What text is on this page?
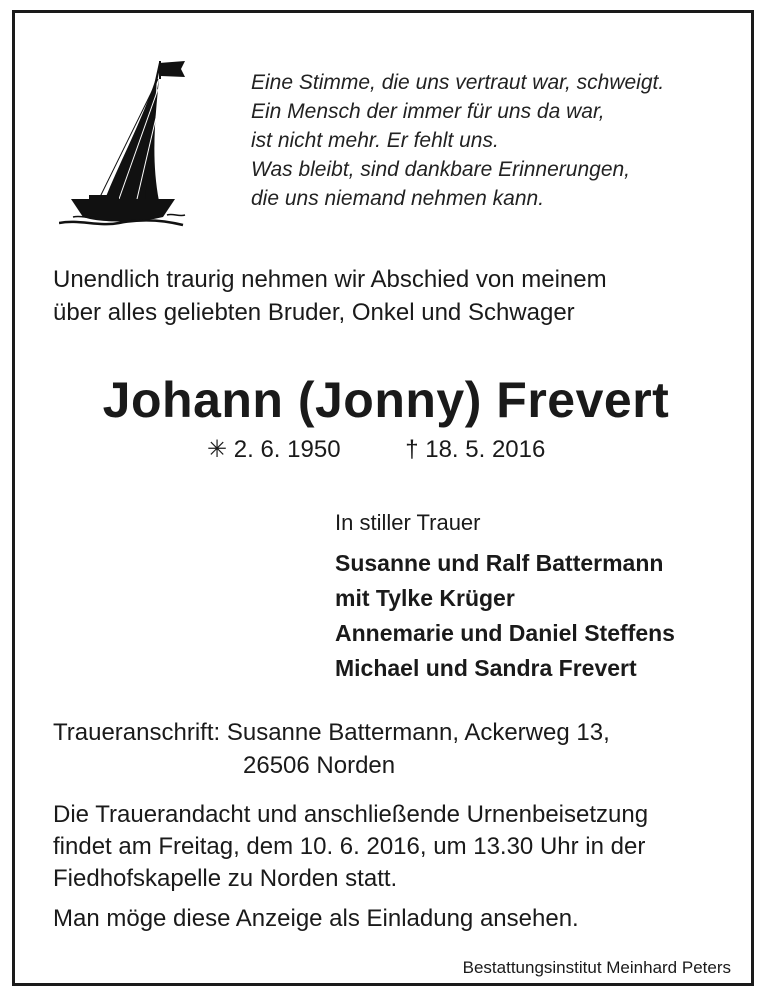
Eine Stimme, die uns vertraut war, schweigt.
Ein Mensch der immer für uns da war,
ist nicht mehr. Er fehlt uns.
Was bleibt, sind dankbare Erinnerungen,
die uns niemand nehmen kann.
Unendlich traurig nehmen wir Abschied von meinem
über alles geliebten Bruder, Onkel und Schwager
Johann (Jonny) Frevert
✳ 2. 6. 1950	† 18. 5. 2016
In stiller Trauer
Susanne und Ralf Battermann
mit Tylke Krüger
Annemarie und Daniel Steffens
Michael und Sandra Frevert
Traueranschrift: Susanne Battermann, Ackerweg 13,
26506 Norden
Die Trauerandacht und anschließende Urnenbeisetzung
findet am Freitag, dem 10. 6. 2016, um 13.30 Uhr in der
Fiedhofskapelle zu Norden statt.
Man möge diese Anzeige als Einladung ansehen.
Bestattungsinstitut Meinhard Peters
